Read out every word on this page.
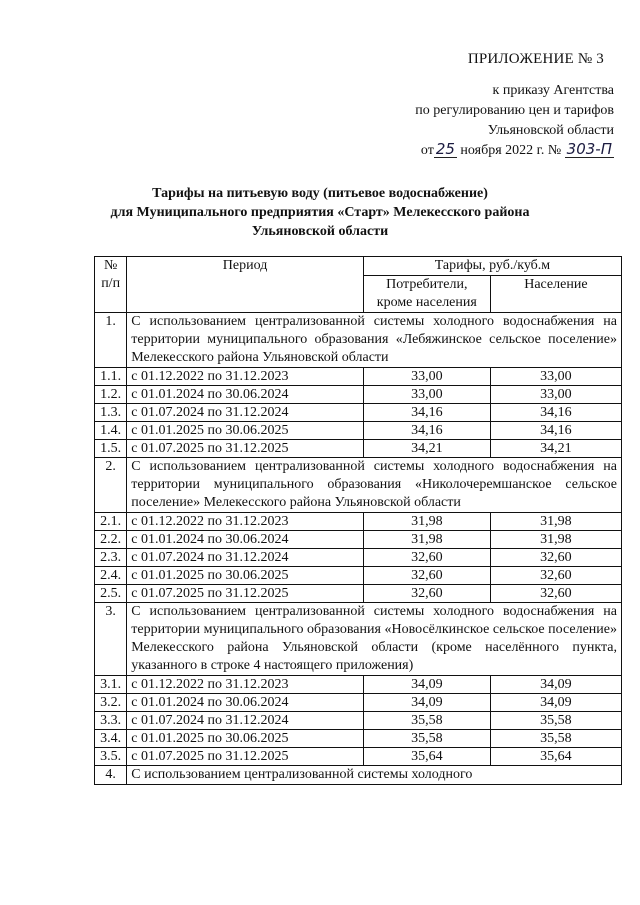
ПРИЛОЖЕНИЕ № 3
к приказу Агентства
по регулированию цен и тарифов
Ульяновской области
от 25 ноября 2022 г. № 303-П
Тарифы на питьевую воду (питьевое водоснабжение)
для Муниципального предприятия «Старт» Мелекесского района
Ульяновской области
№ п/п	Период	Тарифы, руб./куб.м	
		Потребители, кроме населения	Население
1.	С использованием централизованной системы холодного водоснабжения на территории муниципального образования «Лебяжинское сельское поселение» Мелекесского района Ульяновской области		
1.1.	с 01.12.2022 по 31.12.2023	33,00	33,00
1.2.	с 01.01.2024 по 30.06.2024	33,00	33,00
1.3.	с 01.07.2024 по 31.12.2024	34,16	34,16
1.4.	с 01.01.2025 по 30.06.2025	34,16	34,16
1.5.	с 01.07.2025 по 31.12.2025	34,21	34,21
2.	С использованием централизованной системы холодного водоснабжения на территории муниципального образования «Николочеремшанское сельское поселение» Мелекесского района Ульяновской области		
2.1.	с 01.12.2022 по 31.12.2023	31,98	31,98
2.2.	с 01.01.2024 по 30.06.2024	31,98	31,98
2.3.	с 01.07.2024 по 31.12.2024	32,60	32,60
2.4.	с 01.01.2025 по 30.06.2025	32,60	32,60
2.5.	с 01.07.2025 по 31.12.2025	32,60	32,60
3.	С использованием централизованной системы холодного водоснабжения на территории муниципального образования «Новосёлкинское сельское поселение» Мелекесского района Ульяновской области (кроме населённого пункта, указанного в строке 4 настоящего приложения)		
3.1.	с 01.12.2022 по 31.12.2023	34,09	34,09
3.2.	с 01.01.2024 по 30.06.2024	34,09	34,09
3.3.	с 01.07.2024 по 31.12.2024	35,58	35,58
3.4.	с 01.01.2025 по 30.06.2025	35,58	35,58
3.5.	с 01.07.2025 по 31.12.2025	35,64	35,64
4.	С использованием централизованной системы холодного		
